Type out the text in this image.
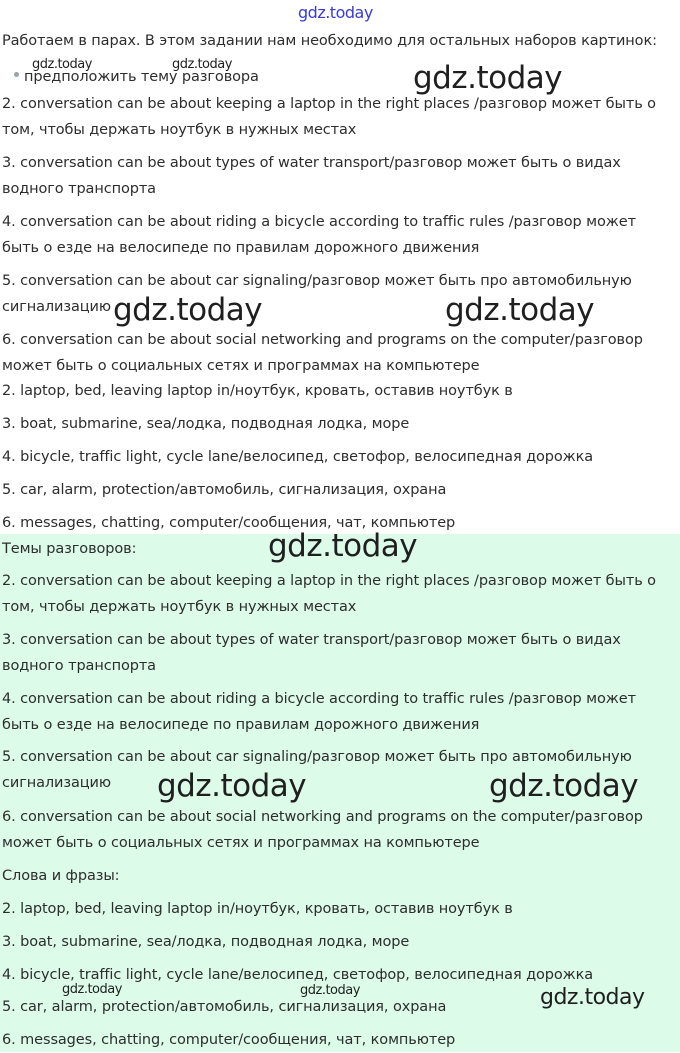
Работаем в парах. В этом задании нам необходимо для остальных наборов картинок:
предположить тему разговора
2. conversation can be about keeping a laptop in the right places /разговор может быть о
том, чтобы держать ноутбук в нужных местах
3. conversation can be about types of water transport/разговор может быть о видах
водного транспорта
4. conversation can be about riding a bicycle according to traffic rules /разговор может
быть о езде на велосипеде по правилам дорожного движения
5. conversation can be about car signaling/разговор может быть про автомобильную
сигнализацию
6. conversation can be about social networking and programs on the computer/разговор
может быть о социальных сетях и программах на компьютере
2. laptop, bed, leaving laptop in/ноутбук, кровать, оставив ноутбук в
3. boat, submarine, sea/лодка, подводная лодка, море
4. bicycle, traffic light, cycle lane/велосипед, светофор, велосипедная дорожка
5. car, alarm, protection/автомобиль, сигнализация, охрана
6. messages, chatting, computer/сообщения, чат, компьютер
Темы разговоров:
2. conversation can be about keeping a laptop in the right places /разговор может быть о
том, чтобы держать ноутбук в нужных местах
3. conversation can be about types of water transport/разговор может быть о видах
водного транспорта
4. conversation can be about riding a bicycle according to traffic rules /разговор может
быть о езде на велосипеде по правилам дорожного движения
5. conversation can be about car signaling/разговор может быть про автомобильную
сигнализацию
6. conversation can be about social networking and programs on the computer/разговор
может быть о социальных сетях и программах на компьютере
Слова и фразы:
2. laptop, bed, leaving laptop in/ноутбук, кровать, оставив ноутбук в
3. boat, submarine, sea/лодка, подводная лодка, море
4. bicycle, traffic light, cycle lane/велосипед, светофор, велосипедная дорожка
5. car, alarm, protection/автомобиль, сигнализация, охрана
6. messages, chatting, computer/сообщения, чат, компьютер
gdz.today
gdz.today	gdz.today	gdz.today
gdz.today	gdz.today
gdz.today
gdz.today	gdz.today
gdz.today	gdz.today	gdz.today
